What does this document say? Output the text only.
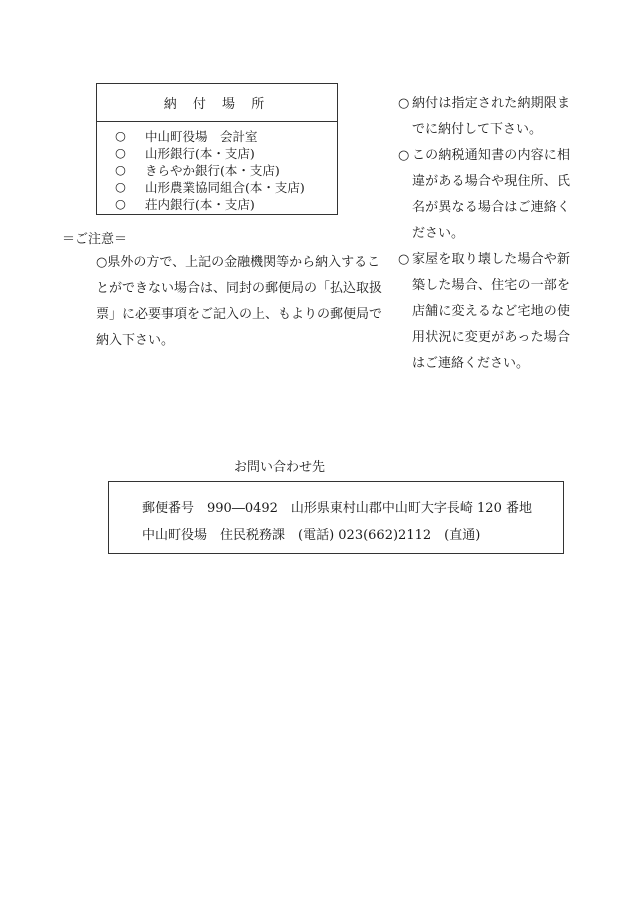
納 付 場 所
○	中山町役場　会計室
○	山形銀行(本・支店)
○	きらやか銀行(本・支店)
○	山形農業協同組合(本・支店)
○	荘内銀行(本・支店)
＝ご注意＝
○県外の方で、上記の金融機関等から納入することができない場合は、同封の郵便局の「払込取扱票」に必要事項をご記入の上、もよりの郵便局で納入下さい。
○ 納付は指定された納期限までに納付して下さい。
○ この納税通知書の内容に相違がある場合や現住所、氏名が異なる場合はご連絡ください。
○ 家屋を取り壊した場合や新築した場合、住宅の一部を店舗に変えるなど宅地の使用状況に変更があった場合はご連絡ください。
お問い合わせ先
郵便番号　990―0492　山形県東村山郡中山町大字長崎 120 番地
中山町役場　住民税務課　(電話) 023(662)2112　(直通)
